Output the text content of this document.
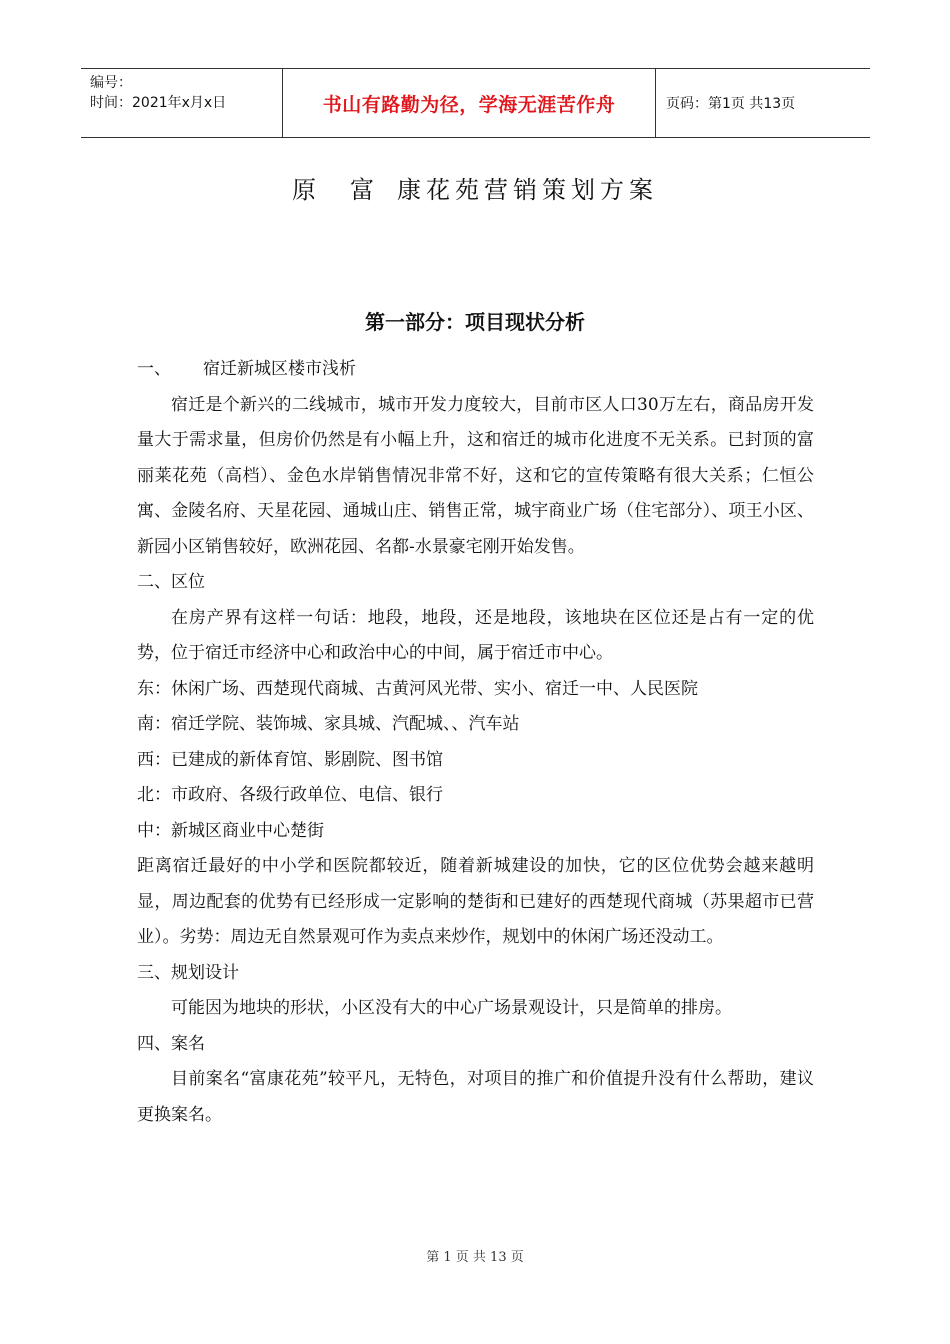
编号：
时间：2021年x月x日	书山有路勤为径，学海无涯苦作舟	页码：第1页 共13页
原　富 康花苑营销策划方案
第一部分：项目现状分析

一、 宿迁新城区楼市浅析

宿迁是个新兴的二线城市，城市开发力度较大，目前市区人口30万左右，商品房开发量大于需求量，但房价仍然是有小幅上升，这和宿迁的城市化进度不无关系。已封顶的富丽莱花苑（高档）、金色水岸销售情况非常不好，这和它的宣传策略有很大关系；仁恒公寓、金陵名府、天星花园、通城山庄、销售正常，城宇商业广场（住宅部分）、项王小区、新园小区销售较好，欧洲花园、名都-水景豪宅刚开始发售。

二、区位

在房产界有这样一句话：地段，地段，还是地段，该地块在区位还是占有一定的优势，位于宿迁市经济中心和政治中心的中间，属于宿迁市中心。

东：休闲广场、西楚现代商城、古黄河风光带、实小、宿迁一中、人民医院

南：宿迁学院、装饰城、家具城、汽配城、、汽车站

西：已建成的新体育馆、影剧院、图书馆

北：市政府、各级行政单位、电信、银行

中：新城区商业中心楚街

距离宿迁最好的中小学和医院都较近，随着新城建设的加快，它的区位优势会越来越明显，周边配套的优势有已经形成一定影响的楚街和已建好的西楚现代商城（苏果超市已营业）。劣势：周边无自然景观可作为卖点来炒作，规划中的休闲广场还没动工。

三、规划设计

可能因为地块的形状，小区没有大的中心广场景观设计，只是简单的排房。

四、案名

目前案名“富康花苑”较平凡，无特色，对项目的推广和价值提升没有什么帮助，建议更换案名。

第 1 页 共 13 页
